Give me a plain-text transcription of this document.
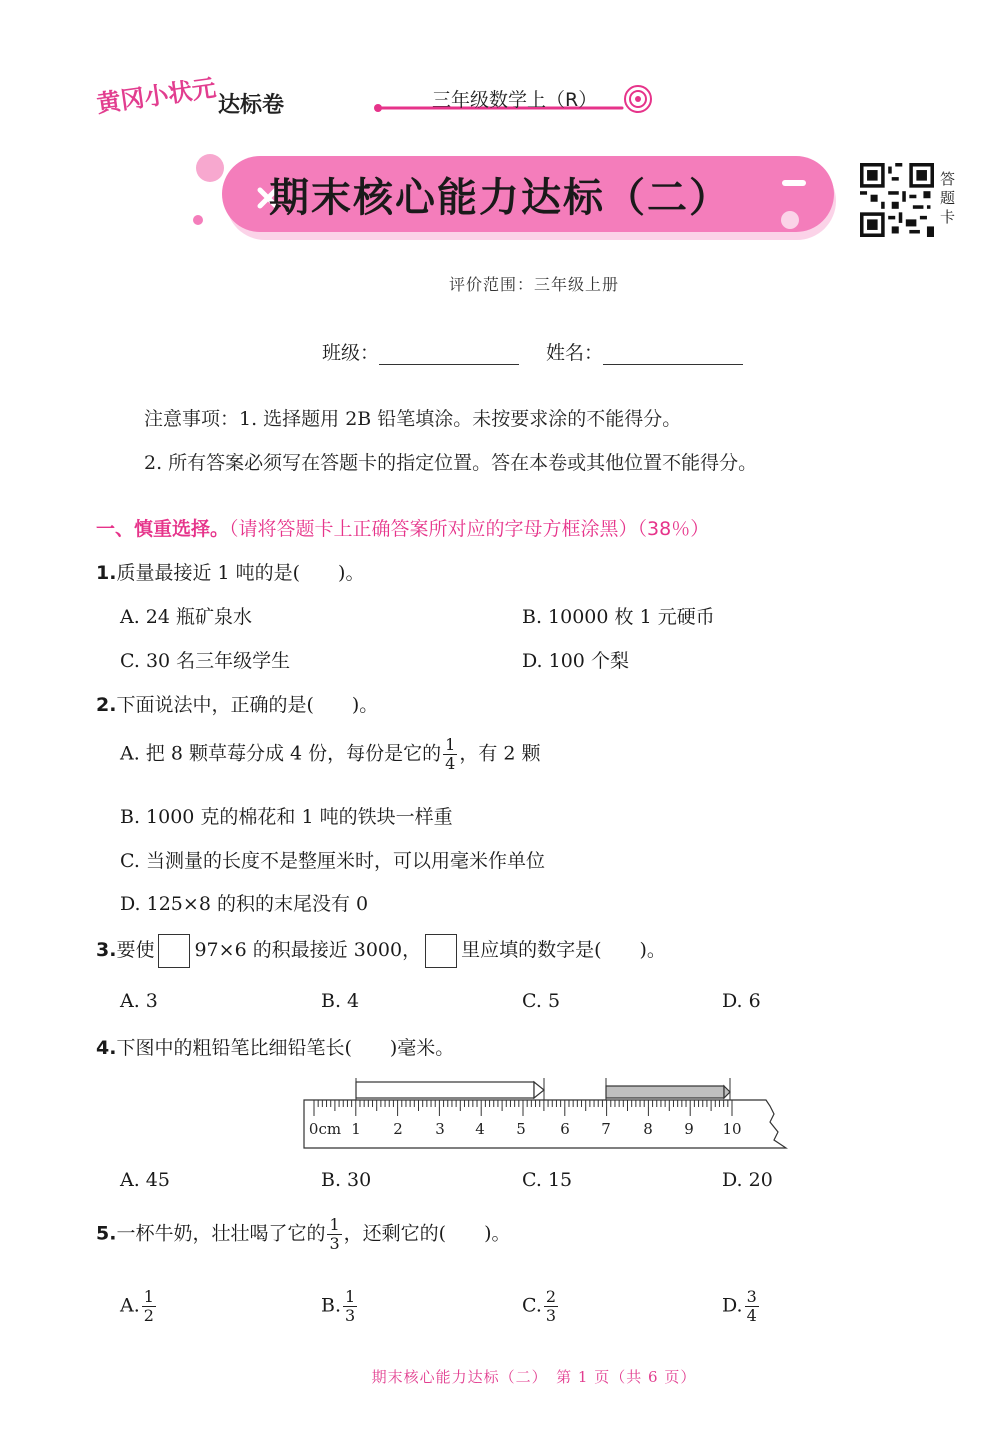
黄冈小状元 达标卷	三年级数学上（R）
期末核心能力达标（二）	答题卡
评价范围：三年级上册
班级：	姓名：
注意事项：1. 选择题用 2B 铅笔填涂。未按要求涂的不能得分。
2. 所有答案必须写在答题卡的指定位置。答在本卷或其他位置不能得分。
一、慎重选择。（请将答题卡上正确答案所对应的字母方框涂黑）（38％）
1.质量最接近 1 吨的是(　　)。
A. 24 瓶矿泉水	B. 10000 枚 1 元硬币
C. 30 名三年级学生	D. 100 个梨
2.下面说法中，正确的是(　　)。
A. 把 8 颗草莓分成 4 份，每份是它的 $\frac{1}{4}$ ，有 2 颗
B. 1000 克的棉花和 1 吨的铁块一样重
C. 当测量的长度不是整厘米时，可以用毫米作单位
D. 125×8 的积的末尾没有 0
3.要使 97×6 的积最接近 3000， 里应填的数字是(　　)。
A. 3	B. 4	C. 5	D. 6
4.下图中的粗铅笔比细铅笔长(　　)毫米。
0cm 1 2 3 4 5 6 7 8 9 10
A. 45	B. 30	C. 15	D. 20
5.一杯牛奶，壮壮喝了它的 $\frac{1}{3}$ ，还剩它的(　　)。
A. $\frac{1}{2}$	B. $\frac{1}{3}$	C. $\frac{2}{3}$	D. $\frac{3}{4}$
期末核心能力达标（二）　第 1 页（共 6 页）
